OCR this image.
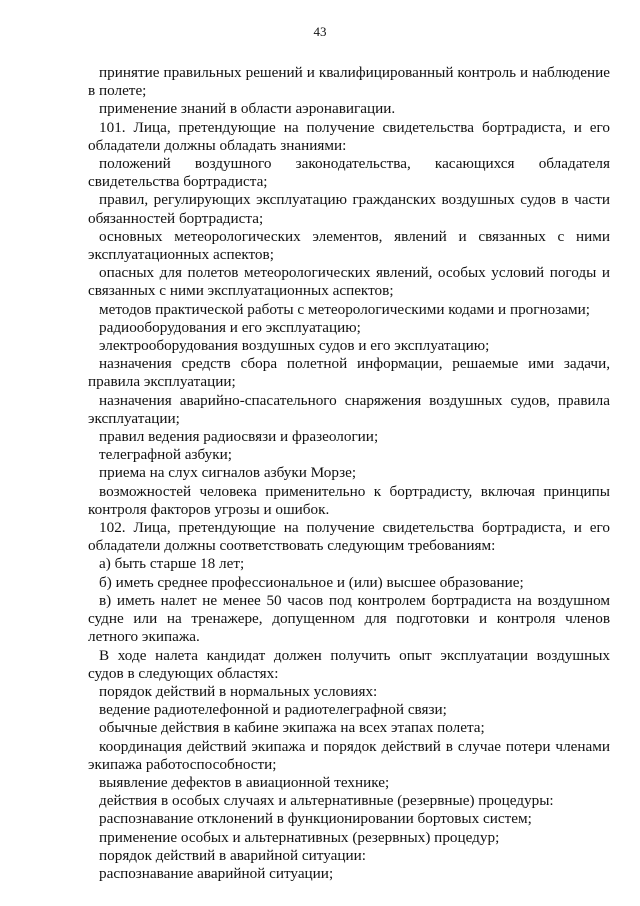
43

принятие правильных решений и квалифицированный контроль и наблюдение в полете;

применение знаний в области аэронавигации.

101. Лица, претендующие на получение свидетельства бортрадиста, и его обладатели должны обладать знаниями:

положений воздушного законодательства, касающихся обладателя свидетельства бортрадиста;

правил, регулирующих эксплуатацию гражданских воздушных судов в части обязанностей бортрадиста;

основных метеорологических элементов, явлений и связанных с ними эксплуатационных аспектов;

опасных для полетов метеорологических явлений, особых условий погоды и связанных с ними эксплуатационных аспектов;

методов практической работы с метеорологическими кодами и прогнозами;

радиооборудования и его эксплуатацию;

электрооборудования воздушных судов и его эксплуатацию;

назначения средств сбора полетной информации, решаемые ими задачи, правила эксплуатации;

назначения аварийно-спасательного снаряжения воздушных судов, правила эксплуатации;

правил ведения радиосвязи и фразеологии;

телеграфной азбуки;

приема на слух сигналов азбуки Морзе;

возможностей человека применительно к бортрадисту, включая принципы контроля факторов угрозы и ошибок.

102. Лица, претендующие на получение свидетельства бортрадиста, и его обладатели должны соответствовать следующим требованиям:

а) быть старше 18 лет;

б) иметь среднее профессиональное и (или) высшее образование;

в) иметь налет не менее 50 часов под контролем бортрадиста на воздушном судне или на тренажере, допущенном для подготовки и контроля членов летного экипажа.

В ходе налета кандидат должен получить опыт эксплуатации воздушных судов в следующих областях:

порядок действий в нормальных условиях:

ведение радиотелефонной и радиотелеграфной связи;

обычные действия в кабине экипажа на всех этапах полета;

координация действий экипажа и порядок действий в случае потери членами экипажа работоспособности;

выявление дефектов в авиационной технике;

действия в особых случаях и альтернативные (резервные) процедуры:

распознавание отклонений в функционировании бортовых систем;

применение особых и альтернативных (резервных) процедур;

порядок действий в аварийной ситуации:

распознавание аварийной ситуации;
